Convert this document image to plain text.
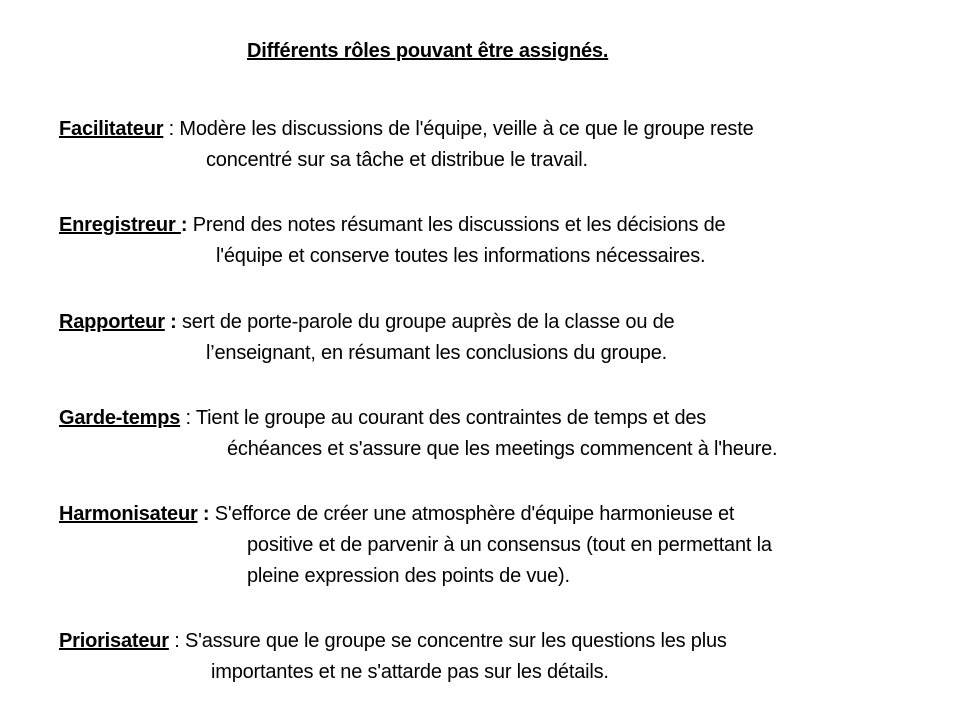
Différents rôles pouvant être assignés.
Facilitateur : Modère les discussions de l'équipe, veille à ce que le groupe reste
concentré sur sa tâche et distribue le travail.
Enregistreur : Prend des notes résumant les discussions et les décisions de
l'équipe et conserve toutes les informations nécessaires.
Rapporteur : sert de porte-parole du groupe auprès de la classe ou de
l’enseignant, en résumant les conclusions du groupe.
Garde-temps : Tient le groupe au courant des contraintes de temps et des
échéances et s'assure que les meetings commencent à l'heure.
Harmonisateur : S'efforce de créer une atmosphère d'équipe harmonieuse et
positive et de parvenir à un consensus (tout en permettant la
pleine expression des points de vue).
Priorisateur : S'assure que le groupe se concentre sur les questions les plus
importantes et ne s'attarde pas sur les détails.
